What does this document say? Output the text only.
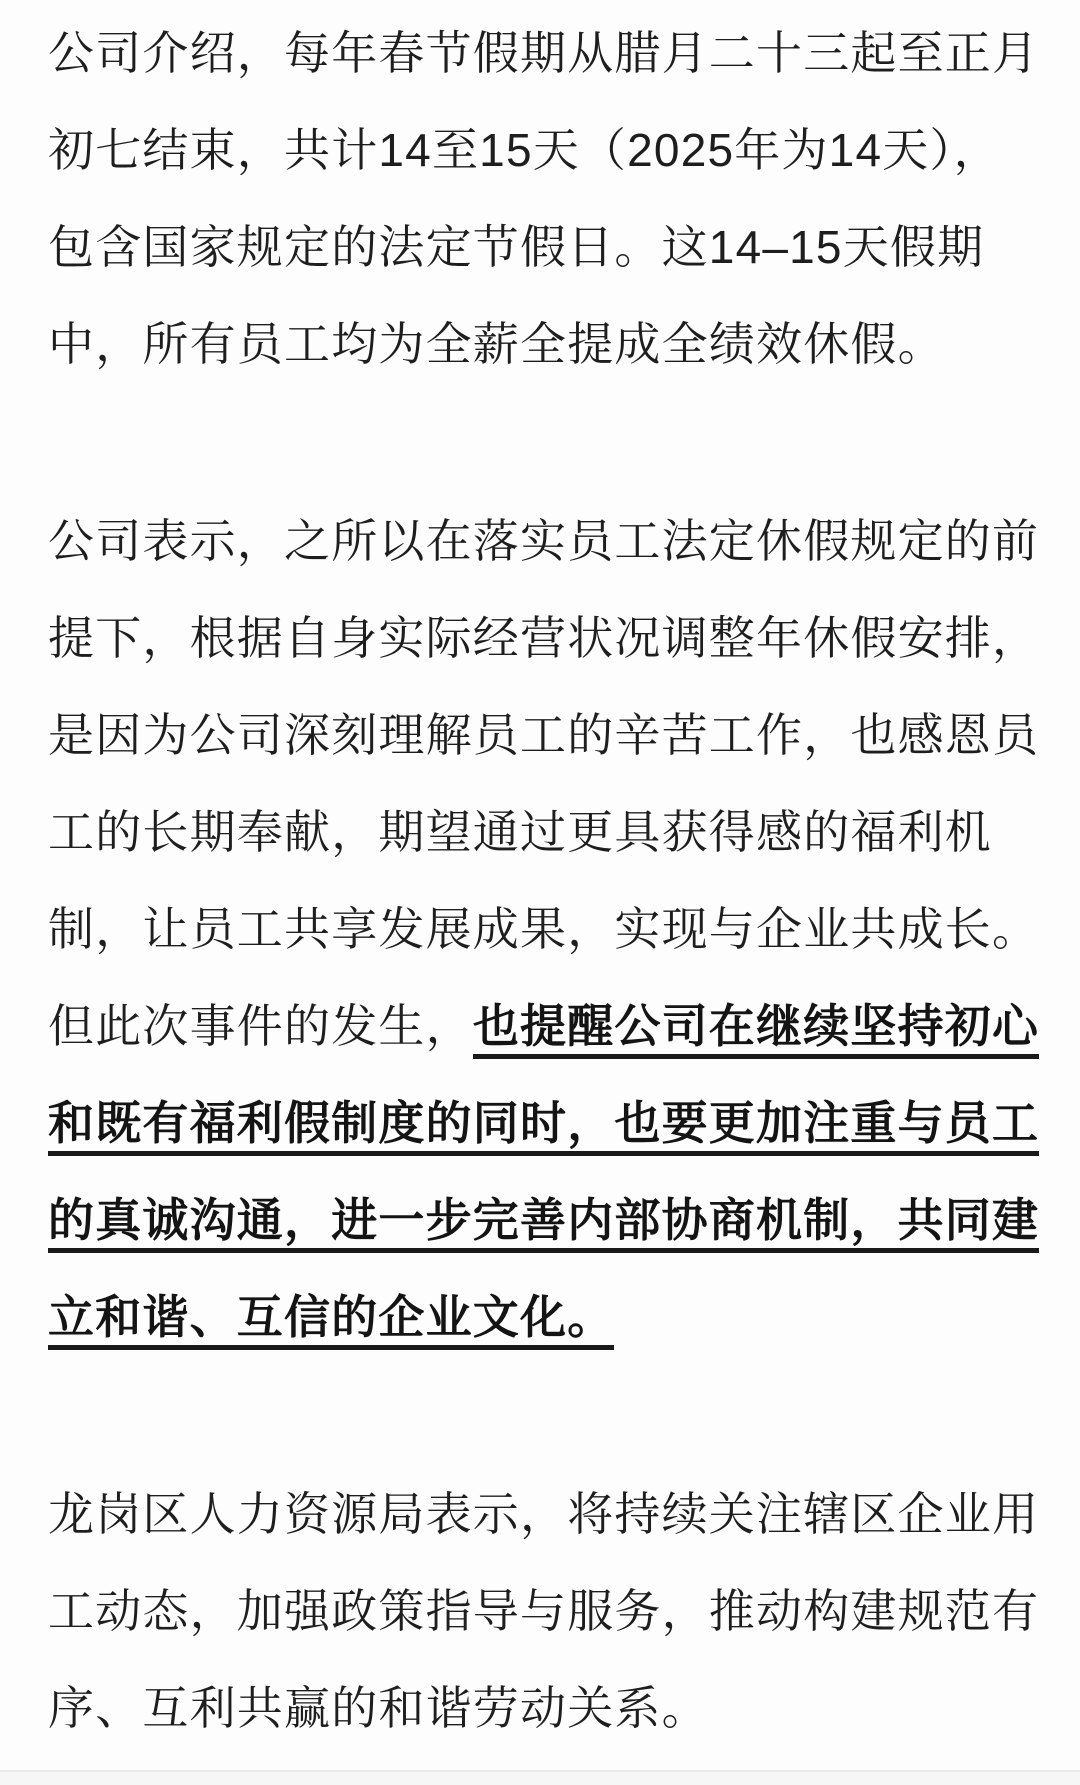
公司介绍，每年春节假期从腊月二十三起至正月
初七结束，共计14至15天（2025年为14天），
包含国家规定的法定节假日。这14–15天假期
中，所有员工均为全薪全提成全绩效休假。

公司表示，之所以在落实员工法定休假规定的前
提下，根据自身实际经营状况调整年休假安排，
是因为公司深刻理解员工的辛苦工作，也感恩员
工的长期奉献，期望通过更具获得感的福利机
制，让员工共享发展成果，实现与企业共成长。
但此次事件的发生，也提醒公司在继续坚持初心
和既有福利假制度的同时，也要更加注重与员工
的真诚沟通，进一步完善内部协商机制，共同建
立和谐、互信的企业文化。

龙岗区人力资源局表示，将持续关注辖区企业用
工动态，加强政策指导与服务，推动构建规范有
序、互利共赢的和谐劳动关系。
